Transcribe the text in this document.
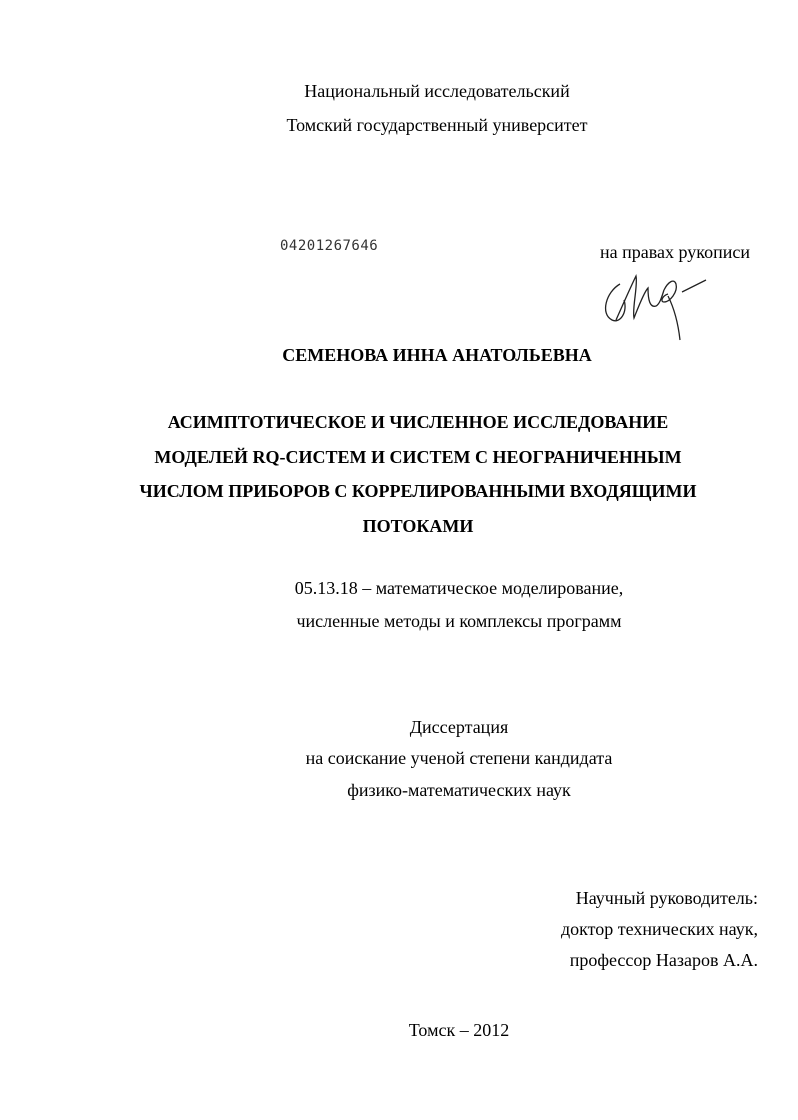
Национальный исследовательский
Томский государственный университет
04201267646	на правах рукописи
СЕМЕНОВА ИННА АНАТОЛЬЕВНА
АСИМПТОТИЧЕСКОЕ И ЧИСЛЕННОЕ ИССЛЕДОВАНИЕ
МОДЕЛЕЙ RQ-СИСТЕМ И СИСТЕМ С НЕОГРАНИЧЕННЫМ
ЧИСЛОМ ПРИБОРОВ С КОРРЕЛИРОВАННЫМИ ВХОДЯЩИМИ
ПОТОКАМИ
05.13.18 – математическое моделирование,
численные методы и комплексы программ
Диссертация
на соискание ученой степени кандидата
физико-математических наук
Научный руководитель:
доктор технических наук,
профессор Назаров А.А.
Томск – 2012
